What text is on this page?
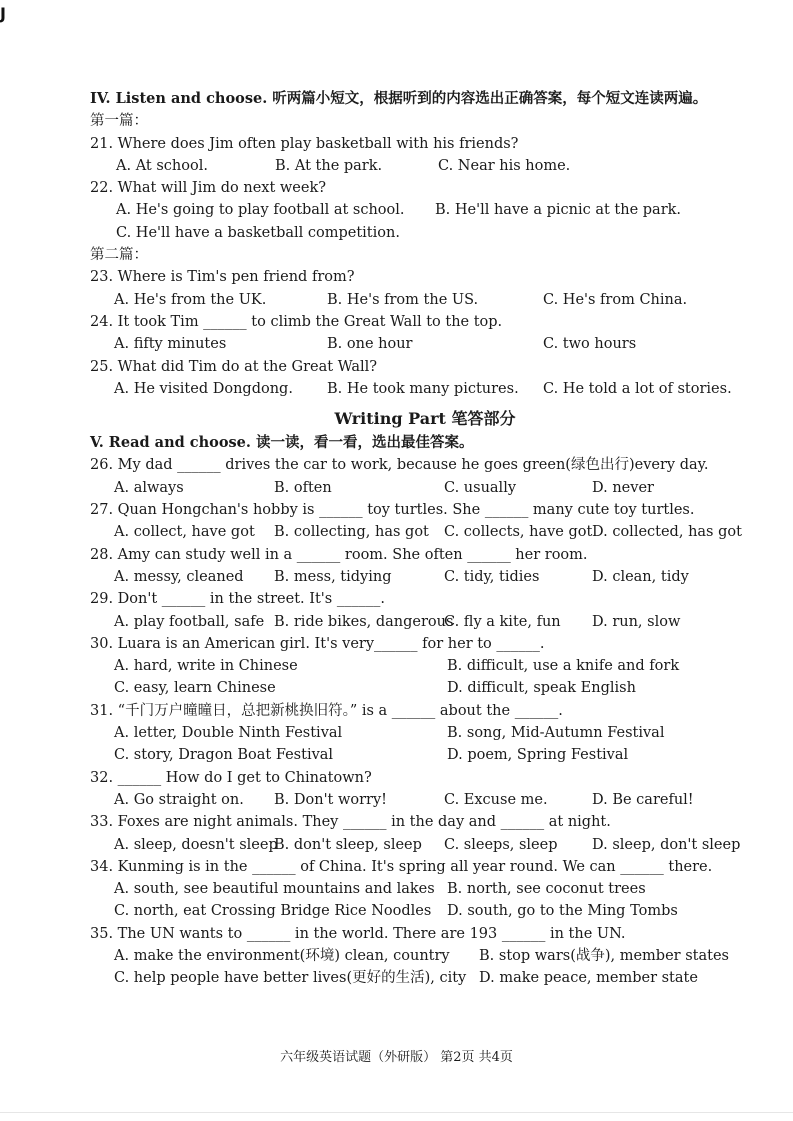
J
IV. Listen and choose. 听两篇小短文，根据听到的内容选出正确答案，每个短文连读两遍。
第一篇：
21. Where does Jim often play basketball with his friends?
A. At school.	B. At the park.	C. Near his home.
22. What will Jim do next week?
A. He's going to play football at school. B. He'll have a picnic at the park.
C. He'll have a basketball competition.
第二篇：
23. Where is Tim's pen friend from?
A. He's from the UK.	B. He's from the US.	C. He's from China.
24. It took Tim ______ to climb the Great Wall to the top.
A. fifty minutes	B. one hour	C. two hours
25. What did Tim do at the Great Wall?
A. He visited Dongdong. B. He took many pictures. C. He told a lot of stories.
Writing Part 笔答部分
V. Read and choose. 读一读，看一看，选出最佳答案。
26. My dad ______ drives the car to work, because he goes green(绿色出行)every day.
A. always	B. often	C. usually	D. never
27. Quan Hongchan's hobby is ______ toy turtles. She ______ many cute toy turtles.
A. collect, have got B. collecting, has got C. collects, have got D. collected, has got
28. Amy can study well in a ______ room. She often ______ her room.
A. messy, cleaned B. mess, tidying	C. tidy, tidies	D. clean, tidy
29. Don't ______ in the street. It's ______.
A. play football, safe B. ride bikes, dangerous
C. fly a kite, fun D. run, slow
30. Luara is an American girl. It's very______ for her to ______.
A. hard, write in Chinese	B. difficult, use a knife and fork
C. easy, learn Chinese	D. difficult, speak English
31. “千门万户曈曈日，总把新桃换旧符。” is a ______ about the ______.
A. letter, Double Ninth Festival	B. song, Mid-Autumn Festival
C. story, Dragon Boat Festival	D. poem, Spring Festival
32. ______ How do I get to Chinatown?
A. Go straight on. B. Don't worry!	C. Excuse me.	D. Be careful!
33. Foxes are night animals. They ______ in the day and ______ at night.
A. sleep, doesn't sleep
B. don't sleep, sleep C. sleeps, sleep D. sleep, don't sleep
34. Kunming is in the ______ of China. It's spring all year round. We can ______ there.
A. south, see beautiful mountains and lakes B. north, see coconut trees
C. north, eat Crossing Bridge Rice Noodles D. south, go to the Ming Tombs
35. The UN wants to ______ in the world. There are 193 ______ in the UN.
A. make the environment(环境) clean, country B. stop wars(战争), member states
C. help people have better lives(更好的生活), city D. make peace, member state
六年级英语试题（外研版） 第2页 共4页
